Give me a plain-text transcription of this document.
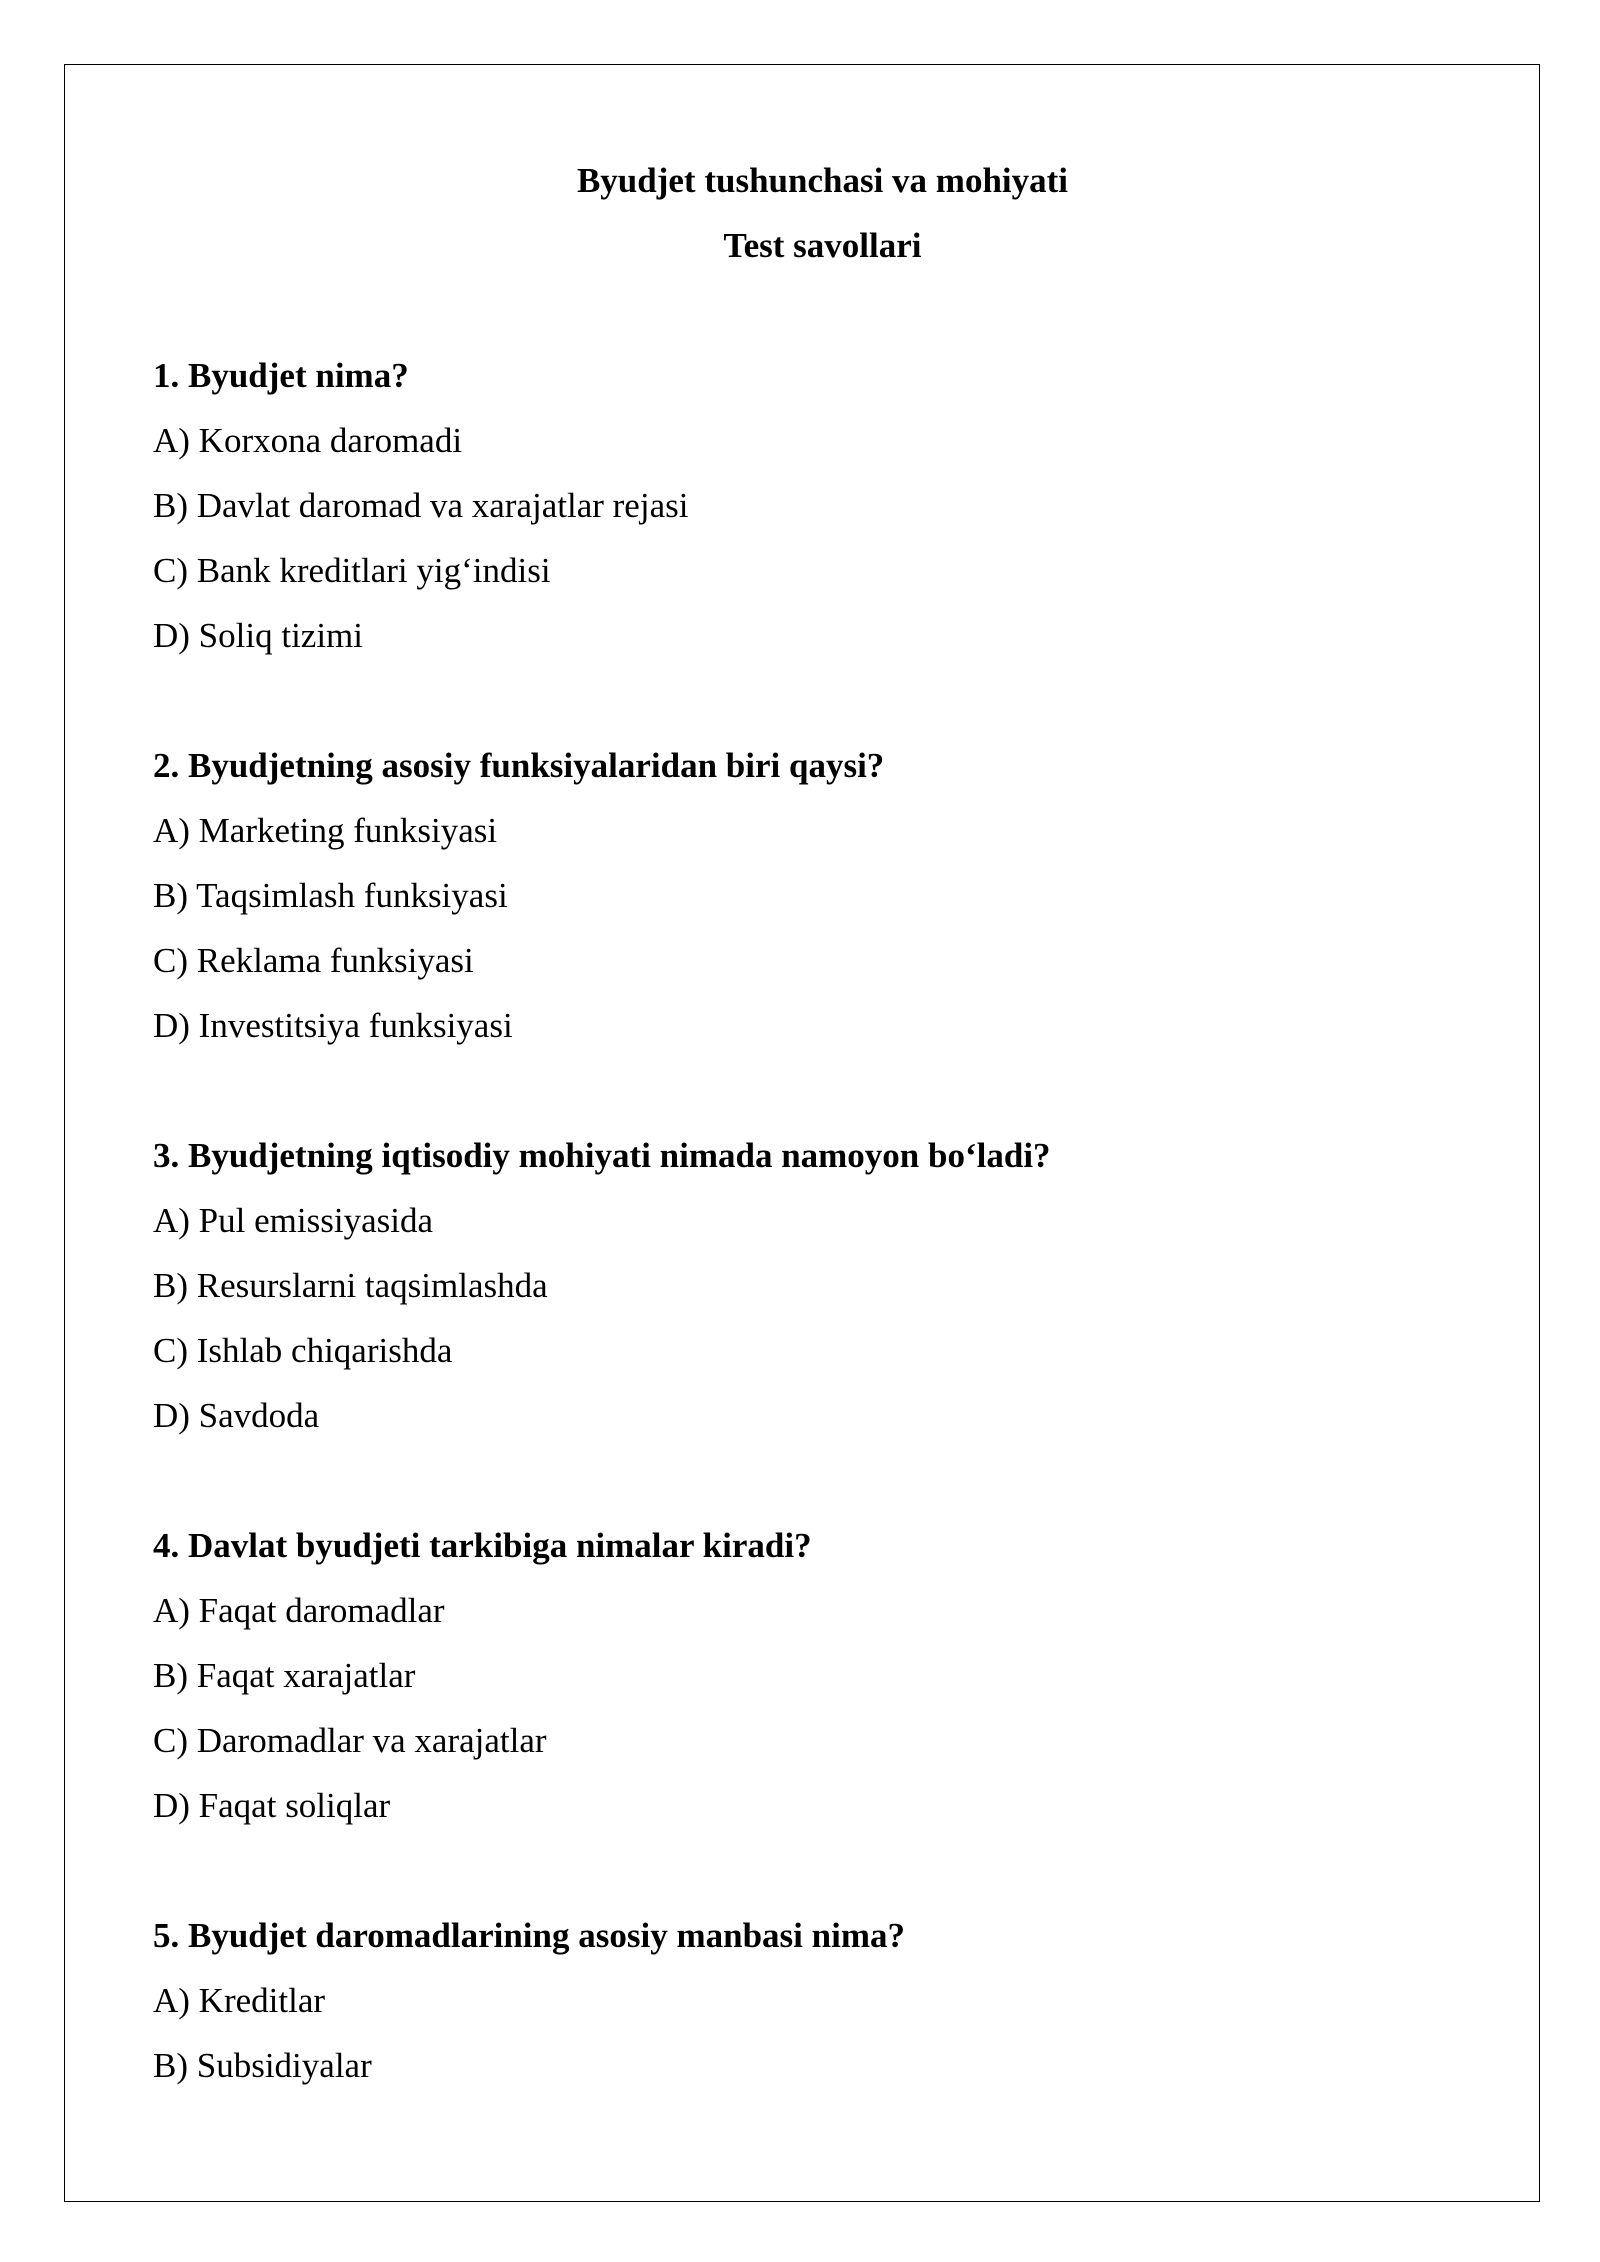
Byudjet tushunchasi va mohiyati
Test savollari
1. Byudjet nima?
A) Korxona daromadi
B) Davlat daromad va xarajatlar rejasi
C) Bank kreditlari yig‘indisi
D) Soliq tizimi
2. Byudjetning asosiy funksiyalaridan biri qaysi?
A) Marketing funksiyasi
B) Taqsimlash funksiyasi
C) Reklama funksiyasi
D) Investitsiya funksiyasi
3. Byudjetning iqtisodiy mohiyati nimada namoyon bo‘ladi?
A) Pul emissiyasida
B) Resurslarni taqsimlashda
C) Ishlab chiqarishda
D) Savdoda
4. Davlat byudjeti tarkibiga nimalar kiradi?
A) Faqat daromadlar
B) Faqat xarajatlar
C) Daromadlar va xarajatlar
D) Faqat soliqlar
5. Byudjet daromadlarining asosiy manbasi nima?
A) Kreditlar
B) Subsidiyalar
